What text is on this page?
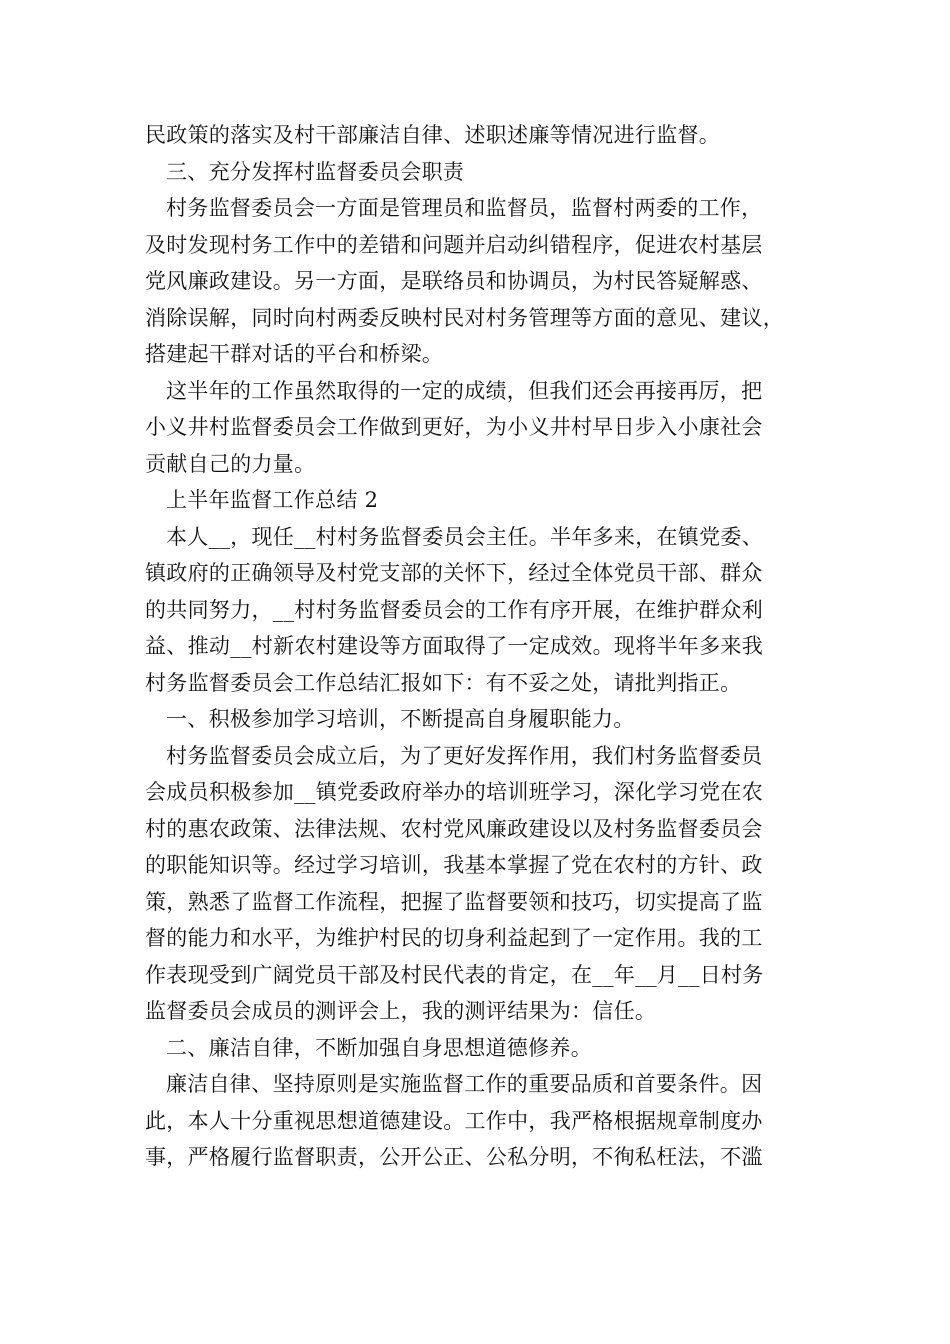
民政策的落实及村干部廉洁自律、述职述廉等情况进行监督。
三、充分发挥村监督委员会职责
村务监督委员会一方面是管理员和监督员，监督村两委的工作，
及时发现村务工作中的差错和问题并启动纠错程序，促进农村基层
党风廉政建设。另一方面，是联络员和协调员，为村民答疑解惑、
消除误解，同时向村两委反映村民对村务管理等方面的意见、建议，
搭建起干群对话的平台和桥梁。
这半年的工作虽然取得的一定的成绩，但我们还会再接再厉，把
小义井村监督委员会工作做到更好，为小义井村早日步入小康社会
贡献自己的力量。
上半年监督工作总结 2
本人__，现任__村村务监督委员会主任。半年多来，在镇党委、
镇政府的正确领导及村党支部的关怀下，经过全体党员干部、群众
的共同努力，__村村务监督委员会的工作有序开展，在维护群众利
益、推动__村新农村建设等方面取得了一定成效。现将半年多来我
村务监督委员会工作总结汇报如下：有不妥之处，请批判指正。
一、积极参加学习培训，不断提高自身履职能力。
村务监督委员会成立后，为了更好发挥作用，我们村务监督委员
会成员积极参加__镇党委政府举办的培训班学习，深化学习党在农
村的惠农政策、法律法规、农村党风廉政建设以及村务监督委员会
的职能知识等。经过学习培训，我基本掌握了党在农村的方针、政
策，熟悉了监督工作流程，把握了监督要领和技巧，切实提高了监
督的能力和水平，为维护村民的切身利益起到了一定作用。我的工
作表现受到广阔党员干部及村民代表的肯定，在__年__月__日村务
监督委员会成员的测评会上，我的测评结果为：信任。
二、廉洁自律，不断加强自身思想道德修养。
廉洁自律、坚持原则是实施监督工作的重要品质和首要条件。因
此，本人十分重视思想道德建设。工作中，我严格根据规章制度办
事，严格履行监督职责，公开公正、公私分明，不徇私枉法，不滥
